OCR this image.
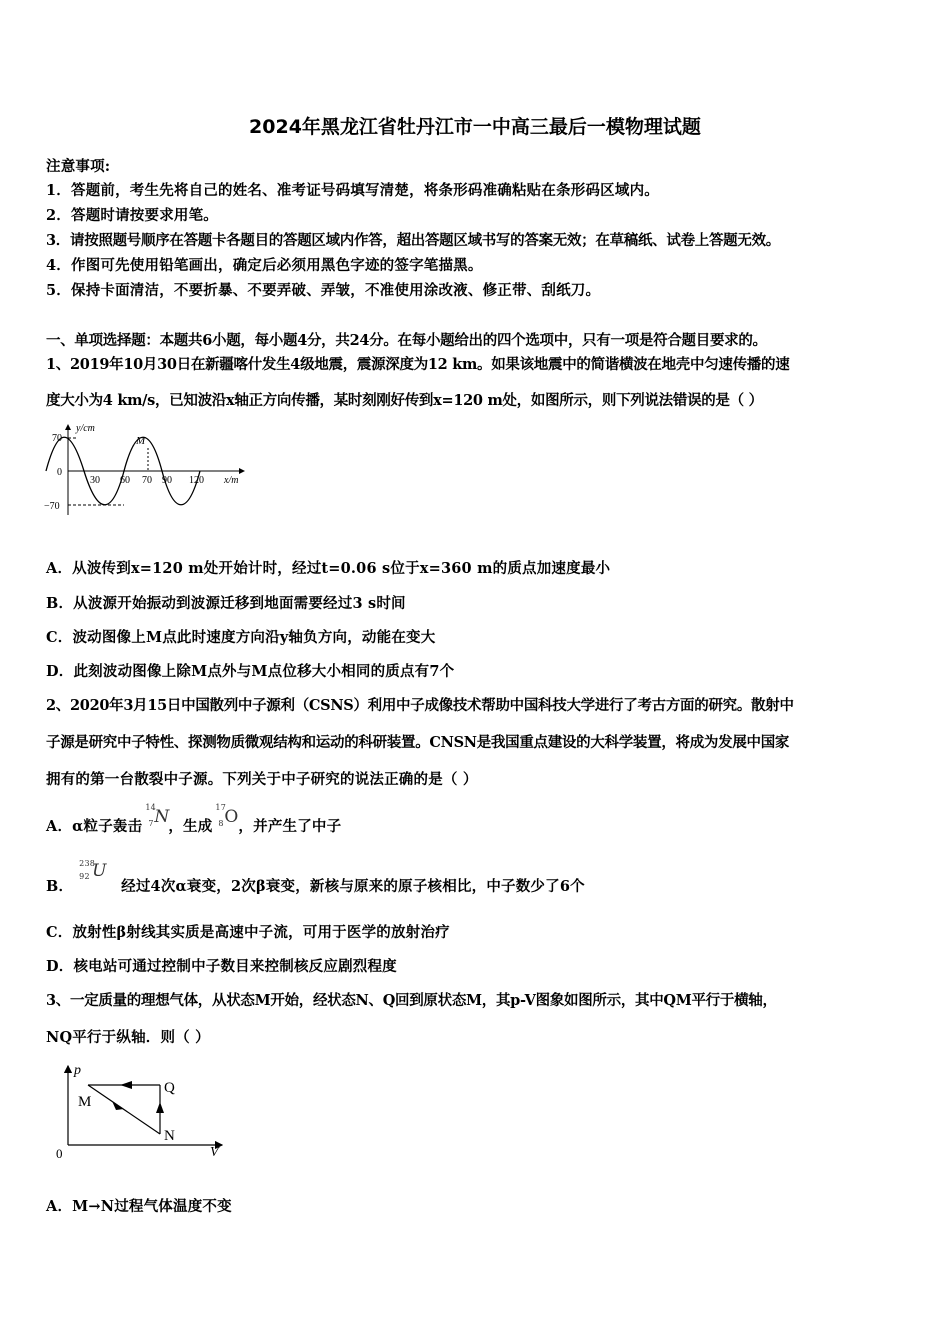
2024年黑龙江省牡丹江市一中高三最后一模物理试题
注意事项:
1．答题前，考生先将自己的姓名、准考证号码填写清楚，将条形码准确粘贴在条形码区域内。
2．答题时请按要求用笔。
3．请按照题号顺序在答题卡各题目的答题区域内作答，超出答题区域书写的答案无效；在草稿纸、试卷上答题无效。
4．作图可先使用铅笔画出，确定后必须用黑色字迹的签字笔描黑。
5．保持卡面清洁，不要折暴、不要弄破、弄皱，不准使用涂改液、修正带、刮纸刀。
一、单项选择题：本题共6小题，每小题4分，共24分。在每小题给出的四个选项中，只有一项是符合题目要求的。
1、2019年10月30日在新疆喀什发生4级地震，震源深度为12 km。如果该地震中的简谐横波在地壳中匀速传播的速
度大小为4 km/s，已知波沿x轴正方向传播，某时刻刚好传到x=120 m处，如图所示，则下列说法错误的是（ ）
y/cm
x/m
70
−70
0
30 60 70 90 120
M
A．从波传到x=120 m处开始计时，经过t=0.06 s位于x=360 m的质点加速度最小
B．从波源开始振动到波源迁移到地面需要经过3 s时间
C．波动图像上M点此时速度方向沿y轴负方向，动能在变大
D．此刻波动图像上除M点外与M点位移大小相同的质点有7个
2、2020年3月15日中国散列中子源利（CSNS）利用中子成像技术帮助中国科技大学进行了考古方面的研究。散射中
子源是研究中子特性、探测物质微观结构和运动的科研装置。CNSN是我国重点建设的大科学装置，将成为发展中国家
拥有的第一台散裂中子源。下列关于中子研究的说法正确的是（ ）
A．α粒子轰击
14
7 N
，生成
17
8 O ，并产生了中子
B．
238
92 U
经过4次α衰变，2次β衰变，新核与原来的原子核相比，中子数少了6个
C．放射性β射线其实质是高速中子流，可用于医学的放射治疗
D．核电站可通过控制中子数目来控制核反应剧烈程度
3、一定质量的理想气体，从状态M开始，经状态N、Q回到原状态M，其p-V图象如图所示，其中QM平行于横轴，
NQ平行于纵轴．则（ ）
p
V
0
M
Q
N
A．M→N过程气体温度不变
